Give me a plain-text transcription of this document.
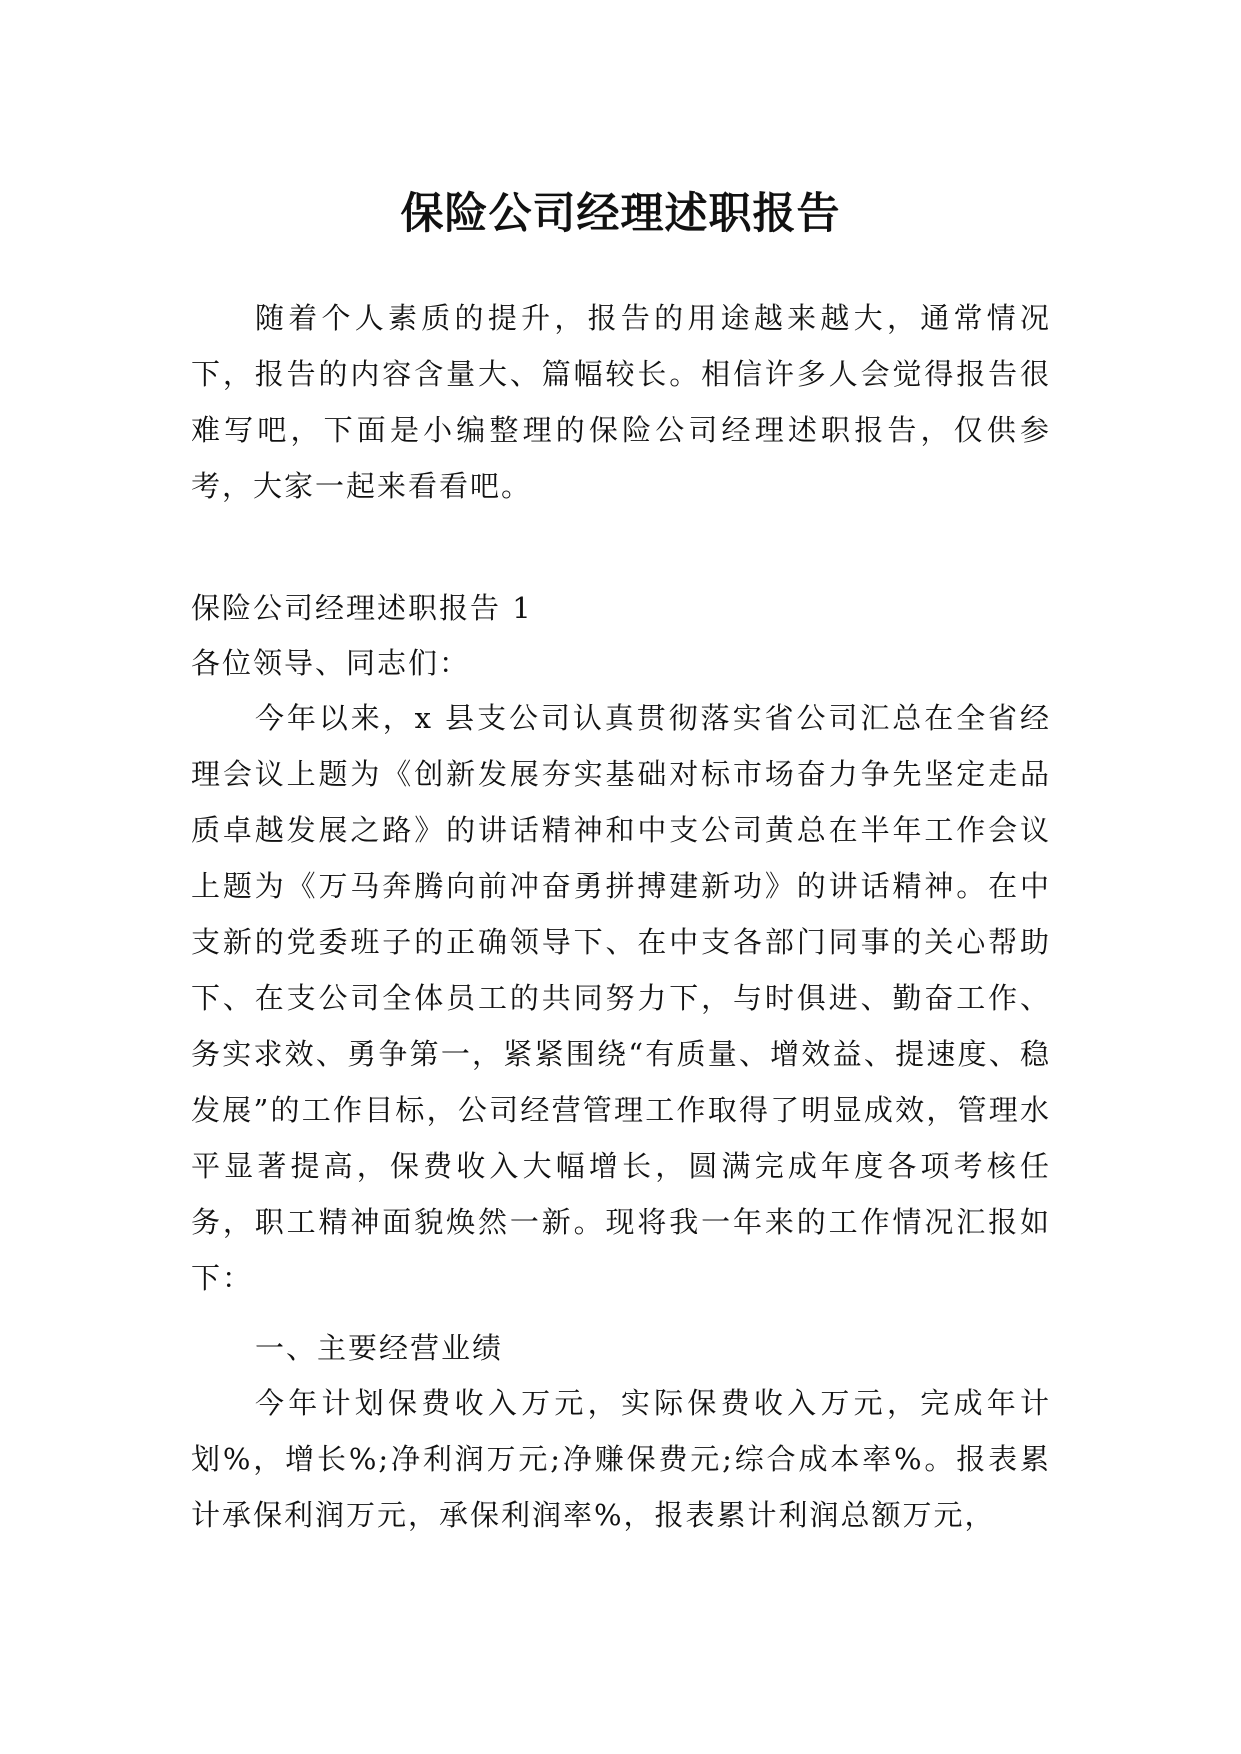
保险公司经理述职报告

随着个人素质的提升，报告的用途越来越大，通常情况下，报告的内容含量大、篇幅较长。相信许多人会觉得报告很难写吧，下面是小编整理的保险公司经理述职报告，仅供参考，大家一起来看看吧。

保险公司经理述职报告 1

各位领导、同志们：

今年以来，x 县支公司认真贯彻落实省公司汇总在全省经理会议上题为《创新发展夯实基础对标市场奋力争先坚定走品质卓越发展之路》的讲话精神和中支公司黄总在半年工作会议上题为《万马奔腾向前冲奋勇拼搏建新功》的讲话精神。在中支新的党委班子的正确领导下、在中支各部门同事的关心帮助下、在支公司全体员工的共同努力下，与时俱进、勤奋工作、务实求效、勇争第一，紧紧围绕“有质量、增效益、提速度、稳发展”的工作目标，公司经营管理工作取得了明显成效，管理水平显著提高，保费收入大幅增长，圆满完成年度各项考核任务，职工精神面貌焕然一新。现将我一年来的工作情况汇报如下：

一、主要经营业绩

今年计划保费收入万元，实际保费收入万元，完成年计划%，增长%;净利润万元;净赚保费元;综合成本率%。报表累计承保利润万元，承保利润率%，报表累计利润总额万元，
